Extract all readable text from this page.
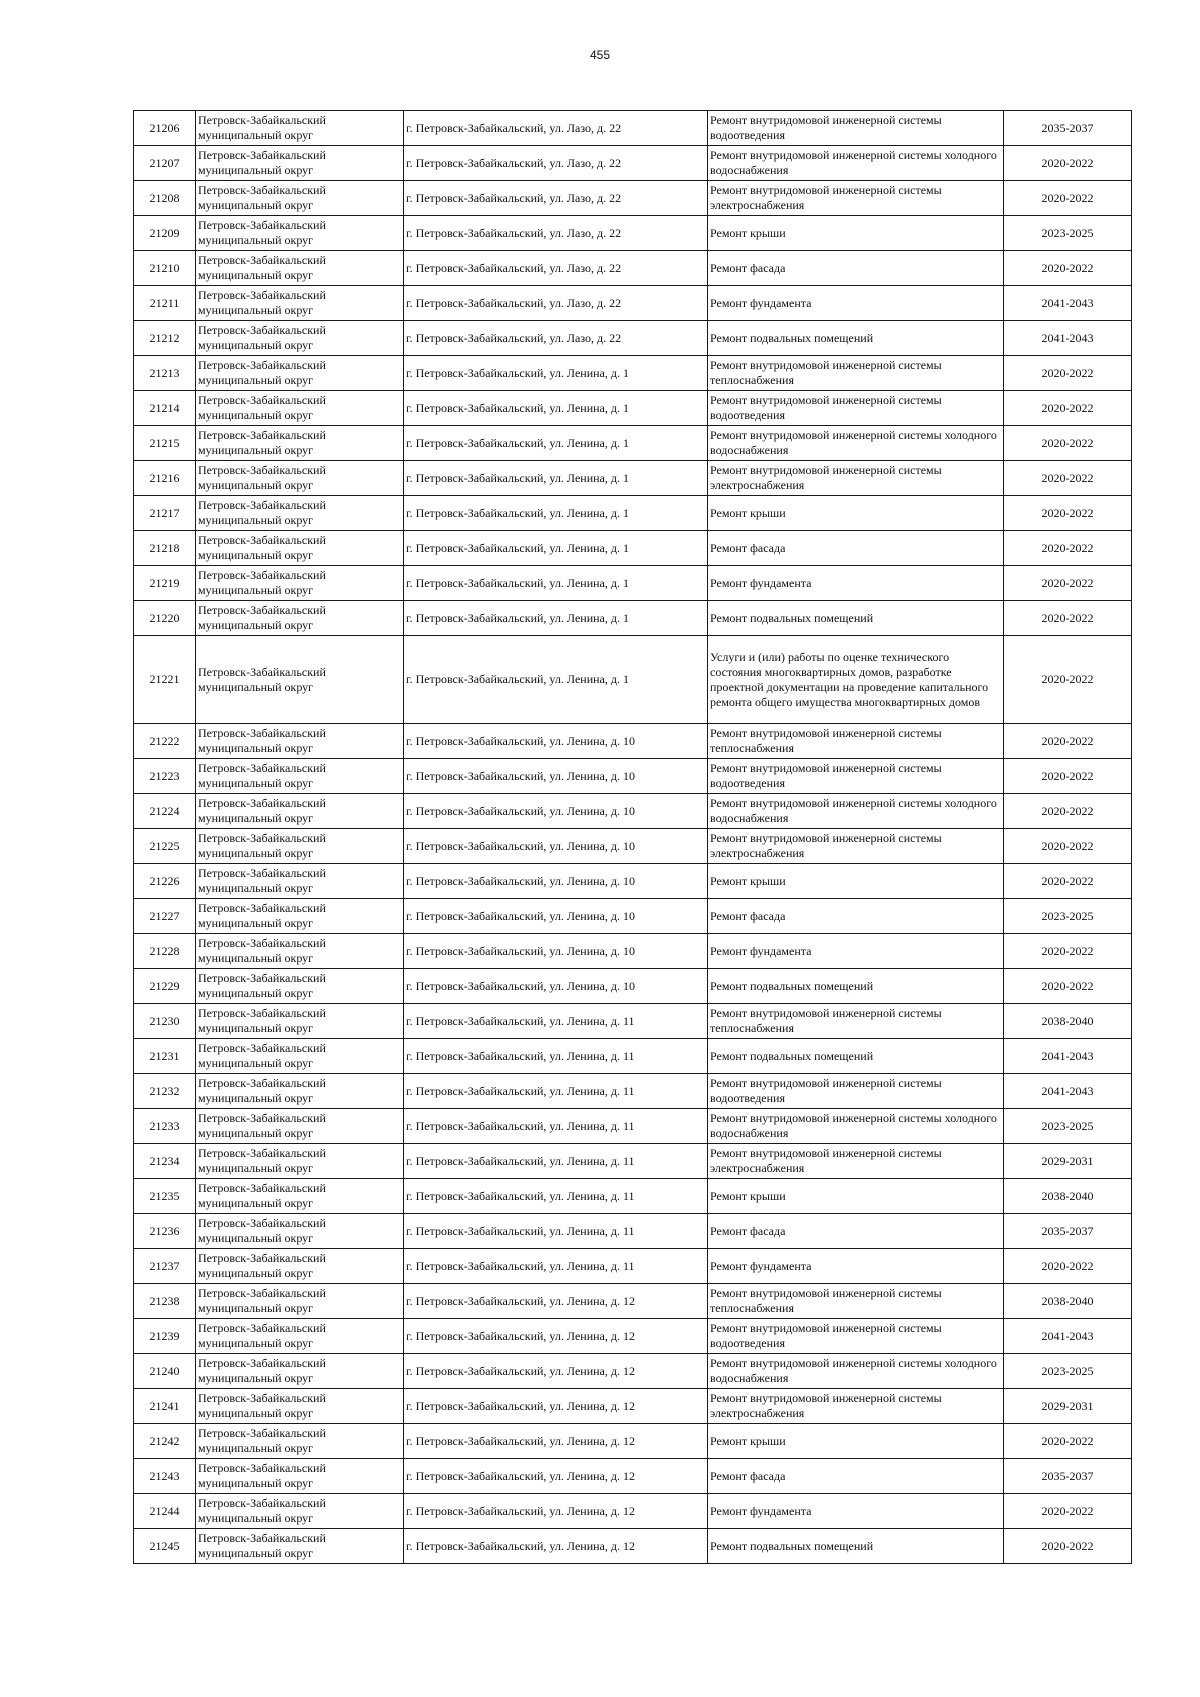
455
21206	Петровск-Забайкальский муниципальный округ	г. Петровск-Забайкальский, ул. Лазо, д. 22	Ремонт внутридомовой инженерной системы водоотведения	2035-2037
21207	Петровск-Забайкальский муниципальный округ	г. Петровск-Забайкальский, ул. Лазо, д. 22	Ремонт внутридомовой инженерной системы холодного водоснабжения	2020-2022
21208	Петровск-Забайкальский муниципальный округ	г. Петровск-Забайкальский, ул. Лазо, д. 22	Ремонт внутридомовой инженерной системы электроснабжения	2020-2022
21209	Петровск-Забайкальский муниципальный округ	г. Петровск-Забайкальский, ул. Лазо, д. 22	Ремонт крыши	2023-2025
21210	Петровск-Забайкальский муниципальный округ	г. Петровск-Забайкальский, ул. Лазо, д. 22	Ремонт фасада	2020-2022
21211	Петровск-Забайкальский муниципальный округ	г. Петровск-Забайкальский, ул. Лазо, д. 22	Ремонт фундамента	2041-2043
21212	Петровск-Забайкальский муниципальный округ	г. Петровск-Забайкальский, ул. Лазо, д. 22	Ремонт подвальных помещений	2041-2043
21213	Петровск-Забайкальский муниципальный округ	г. Петровск-Забайкальский, ул. Ленина, д. 1	Ремонт внутридомовой инженерной системы теплоснабжения	2020-2022
21214	Петровск-Забайкальский муниципальный округ	г. Петровск-Забайкальский, ул. Ленина, д. 1	Ремонт внутридомовой инженерной системы водоотведения	2020-2022
21215	Петровск-Забайкальский муниципальный округ	г. Петровск-Забайкальский, ул. Ленина, д. 1	Ремонт внутридомовой инженерной системы холодного водоснабжения	2020-2022
21216	Петровск-Забайкальский муниципальный округ	г. Петровск-Забайкальский, ул. Ленина, д. 1	Ремонт внутридомовой инженерной системы электроснабжения	2020-2022
21217	Петровск-Забайкальский муниципальный округ	г. Петровск-Забайкальский, ул. Ленина, д. 1	Ремонт крыши	2020-2022
21218	Петровск-Забайкальский муниципальный округ	г. Петровск-Забайкальский, ул. Ленина, д. 1	Ремонт фасада	2020-2022
21219	Петровск-Забайкальский муниципальный округ	г. Петровск-Забайкальский, ул. Ленина, д. 1	Ремонт фундамента	2020-2022
21220	Петровск-Забайкальский муниципальный округ	г. Петровск-Забайкальский, ул. Ленина, д. 1	Ремонт подвальных помещений	2020-2022
21221	Петровск-Забайкальский муниципальный округ	г. Петровск-Забайкальский, ул. Ленина, д. 1	Услуги и (или) работы по оценке технического состояния многоквартирных домов, разработке проектной документации на проведение капитального ремонта общего имущества многоквартирных домов	2020-2022
21222	Петровск-Забайкальский муниципальный округ	г. Петровск-Забайкальский, ул. Ленина, д. 10	Ремонт внутридомовой инженерной системы теплоснабжения	2020-2022
21223	Петровск-Забайкальский муниципальный округ	г. Петровск-Забайкальский, ул. Ленина, д. 10	Ремонт внутридомовой инженерной системы водоотведения	2020-2022
21224	Петровск-Забайкальский муниципальный округ	г. Петровск-Забайкальский, ул. Ленина, д. 10	Ремонт внутридомовой инженерной системы холодного водоснабжения	2020-2022
21225	Петровск-Забайкальский муниципальный округ	г. Петровск-Забайкальский, ул. Ленина, д. 10	Ремонт внутридомовой инженерной системы электроснабжения	2020-2022
21226	Петровск-Забайкальский муниципальный округ	г. Петровск-Забайкальский, ул. Ленина, д. 10	Ремонт крыши	2020-2022
21227	Петровск-Забайкальский муниципальный округ	г. Петровск-Забайкальский, ул. Ленина, д. 10	Ремонт фасада	2023-2025
21228	Петровск-Забайкальский муниципальный округ	г. Петровск-Забайкальский, ул. Ленина, д. 10	Ремонт фундамента	2020-2022
21229	Петровск-Забайкальский муниципальный округ	г. Петровск-Забайкальский, ул. Ленина, д. 10	Ремонт подвальных помещений	2020-2022
21230	Петровск-Забайкальский муниципальный округ	г. Петровск-Забайкальский, ул. Ленина, д. 11	Ремонт внутридомовой инженерной системы теплоснабжения	2038-2040
21231	Петровск-Забайкальский муниципальный округ	г. Петровск-Забайкальский, ул. Ленина, д. 11	Ремонт подвальных помещений	2041-2043
21232	Петровск-Забайкальский муниципальный округ	г. Петровск-Забайкальский, ул. Ленина, д. 11	Ремонт внутридомовой инженерной системы водоотведения	2041-2043
21233	Петровск-Забайкальский муниципальный округ	г. Петровск-Забайкальский, ул. Ленина, д. 11	Ремонт внутридомовой инженерной системы холодного водоснабжения	2023-2025
21234	Петровск-Забайкальский муниципальный округ	г. Петровск-Забайкальский, ул. Ленина, д. 11	Ремонт внутридомовой инженерной системы электроснабжения	2029-2031
21235	Петровск-Забайкальский муниципальный округ	г. Петровск-Забайкальский, ул. Ленина, д. 11	Ремонт крыши	2038-2040
21236	Петровск-Забайкальский муниципальный округ	г. Петровск-Забайкальский, ул. Ленина, д. 11	Ремонт фасада	2035-2037
21237	Петровск-Забайкальский муниципальный округ	г. Петровск-Забайкальский, ул. Ленина, д. 11	Ремонт фундамента	2020-2022
21238	Петровск-Забайкальский муниципальный округ	г. Петровск-Забайкальский, ул. Ленина, д. 12	Ремонт внутридомовой инженерной системы теплоснабжения	2038-2040
21239	Петровск-Забайкальский муниципальный округ	г. Петровск-Забайкальский, ул. Ленина, д. 12	Ремонт внутридомовой инженерной системы водоотведения	2041-2043
21240	Петровск-Забайкальский муниципальный округ	г. Петровск-Забайкальский, ул. Ленина, д. 12	Ремонт внутридомовой инженерной системы холодного водоснабжения	2023-2025
21241	Петровск-Забайкальский муниципальный округ	г. Петровск-Забайкальский, ул. Ленина, д. 12	Ремонт внутридомовой инженерной системы электроснабжения	2029-2031
21242	Петровск-Забайкальский муниципальный округ	г. Петровск-Забайкальский, ул. Ленина, д. 12	Ремонт крыши	2020-2022
21243	Петровск-Забайкальский муниципальный округ	г. Петровск-Забайкальский, ул. Ленина, д. 12	Ремонт фасада	2035-2037
21244	Петровск-Забайкальский муниципальный округ	г. Петровск-Забайкальский, ул. Ленина, д. 12	Ремонт фундамента	2020-2022
21245	Петровск-Забайкальский муниципальный округ	г. Петровск-Забайкальский, ул. Ленина, д. 12	Ремонт подвальных помещений	2020-2022
